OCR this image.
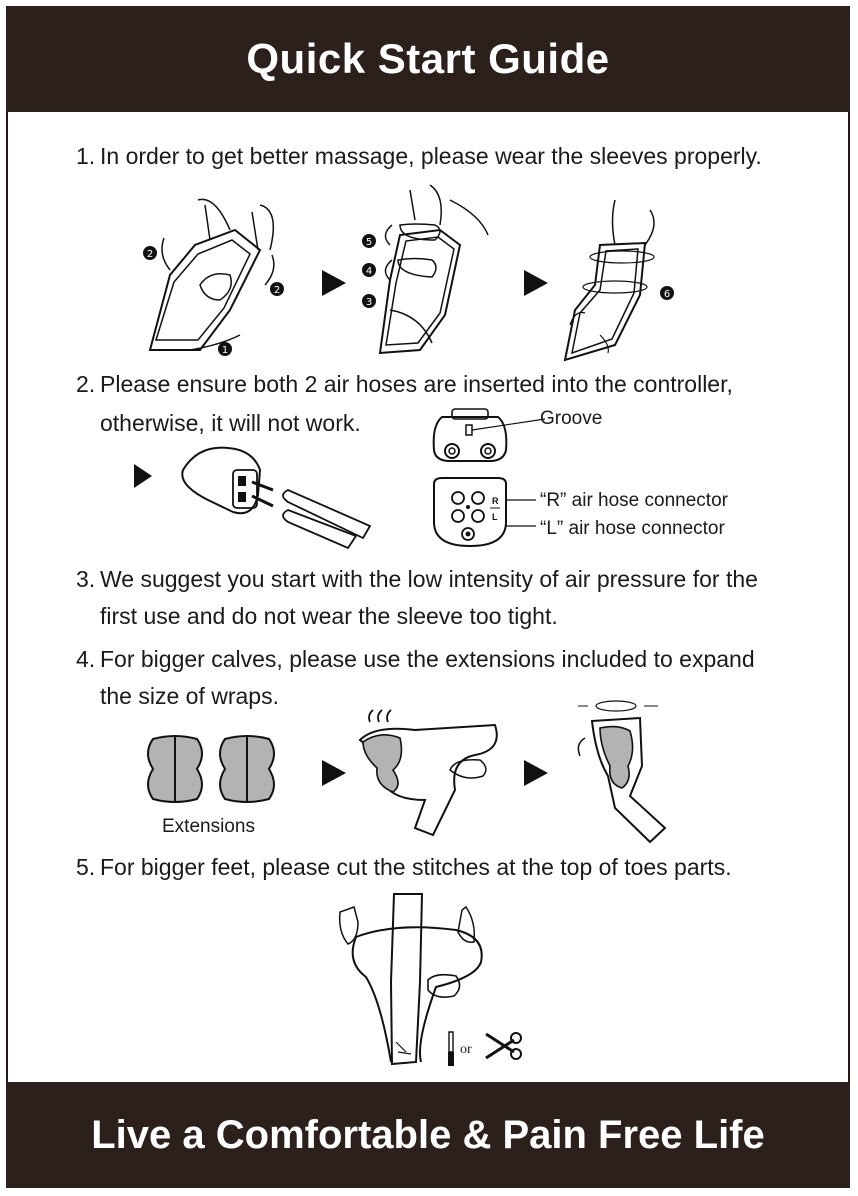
Quick Start Guide
1. In order to get better massage, please wear the sleeves properly.
2
2
1
5
4
3
6
2. Please ensure both 2 air hoses are inserted into the controller,
otherwise, it will not work.	Groove
R
L
“R” air hose connector
“L” air hose connector
3. We suggest you start with the low intensity of air pressure for the
first use and do not wear the sleeve too tight.
4. For bigger calves, please use the extensions included to expand
the size of wraps.
Extensions
5. For bigger feet, please cut the stitches at the top of toes parts.
or
Live a Comfortable & Pain Free Life
